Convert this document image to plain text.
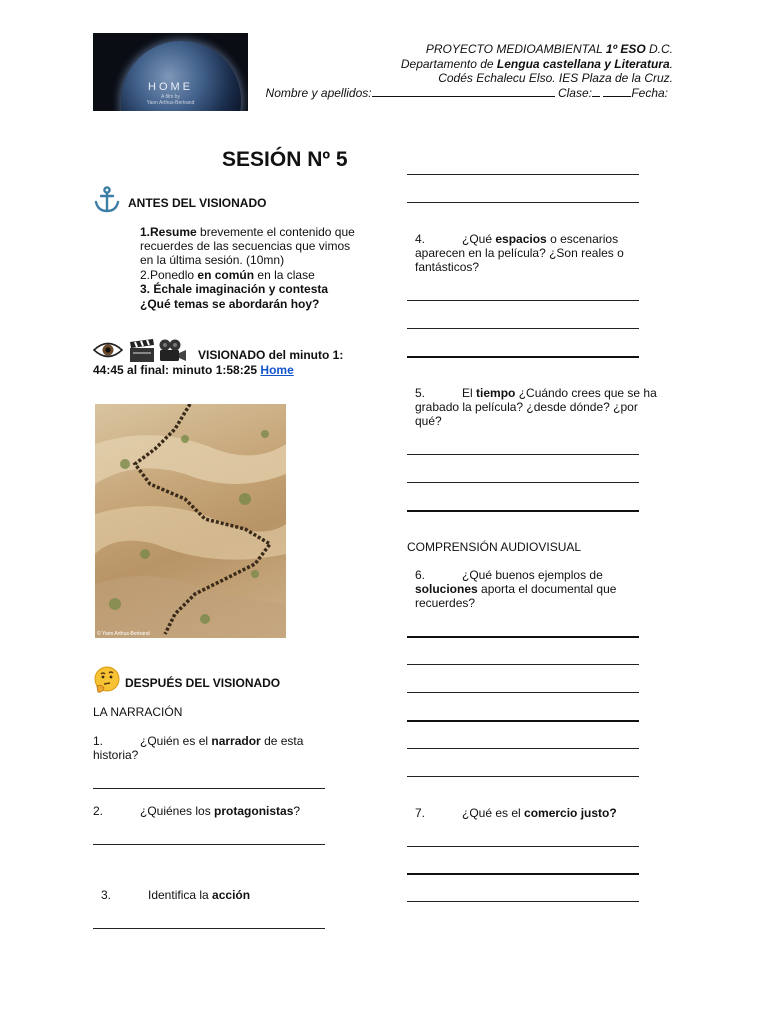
HOME
A film by
Yann Arthus-Bertrand
PROYECTO MEDIOAMBIENTAL 1º ESO D.C.
Departamento de Lengua castellana y Literatura.
Codés Echalecu Elso. IES Plaza de la Cruz.
Nombre y apellidos:	Clase:	Fecha:
SESIÓN Nº 5
ANTES DEL VISIONADO
1.Resume brevemente el contenido que recuerdes de las secuencias que vimos en la última sesión. (10mn)
2.Ponedlo en común en la clase
3. Échale imaginación y contesta
¿Qué temas se abordarán hoy?
VISIONADO del minuto 1:
44:45 al final: minuto 1:58:25 Home
© Yann Arthus-Bertrand
DESPUÉS DEL VISIONADO
LA NARRACIÓN
1.	¿Quién es el narrador de esta
historia?
2.	¿Quiénes los protagonistas?
3.	Identifica la acción
4.	¿Qué espacios o escenarios
aparecen en la película? ¿Son reales o
fantásticos?
5.	El tiempo ¿Cuándo crees que se ha
grabado la película? ¿desde dónde? ¿por
qué?
COMPRENSIÓN AUDIOVISUAL
6.	¿Qué buenos ejemplos de
soluciones aporta el documental que
recuerdes?
7.	¿Qué es el comercio justo?
